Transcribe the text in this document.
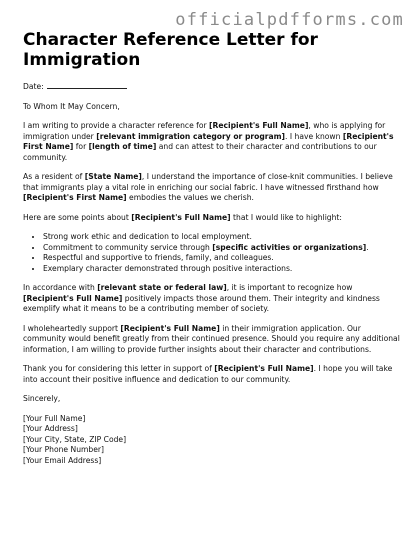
officialpdfforms.com
Character Reference Letter for Immigration

Date:

To Whom It May Concern,

I am writing to provide a character reference for [Recipient's Full Name], who is applying for immigration under [relevant immigration category or program]. I have known [Recipient's First Name] for [length of time] and can attest to their character and contributions to our community.

As a resident of [State Name], I understand the importance of close-knit communities. I believe that immigrants play a vital role in enriching our social fabric. I have witnessed firsthand how [Recipient's First Name] embodies the values we cherish.

Here are some points about [Recipient's Full Name] that I would like to highlight:

• Strong work ethic and dedication to local employment.
• Commitment to community service through [specific activities or organizations].
• Respectful and supportive to friends, family, and colleagues.
• Exemplary character demonstrated through positive interactions.

In accordance with [relevant state or federal law], it is important to recognize how [Recipient's Full Name] positively impacts those around them. Their integrity and kindness exemplify what it means to be a contributing member of society.

I wholeheartedly support [Recipient's Full Name] in their immigration application. Our community would benefit greatly from their continued presence. Should you require any additional information, I am willing to provide further insights about their character and contributions.

Thank you for considering this letter in support of [Recipient's Full Name]. I hope you will take into account their positive influence and dedication to our community.

Sincerely,

[Your Full Name]
[Your Address]
[Your City, State, ZIP Code]
[Your Phone Number]
[Your Email Address]
